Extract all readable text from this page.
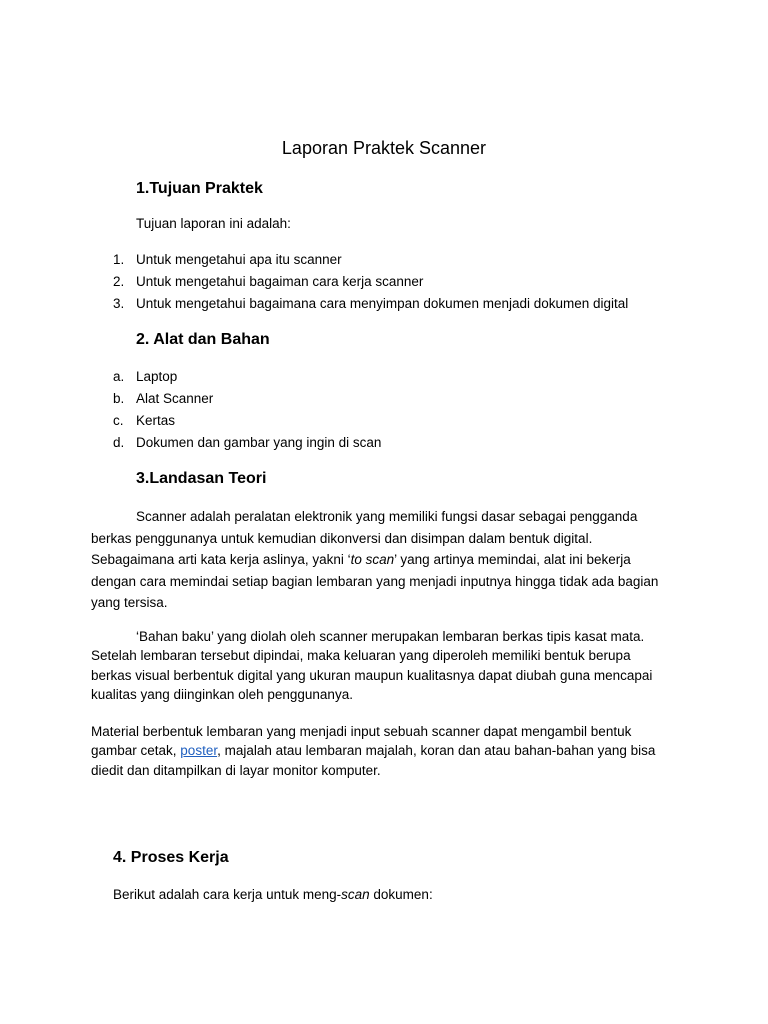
Laporan Praktek Scanner
1.Tujuan Praktek
Tujuan laporan ini adalah:
1. Untuk mengetahui apa itu scanner
2. Untuk mengetahui bagaiman cara kerja scanner
3. Untuk mengetahui bagaimana cara menyimpan dokumen menjadi dokumen digital
2. Alat dan Bahan
a. Laptop
b. Alat Scanner
c. Kertas
d. Dokumen dan gambar yang ingin di scan
3.Landasan Teori
Scanner adalah peralatan elektronik yang memiliki fungsi dasar sebagai pengganda
berkas penggunanya untuk kemudian dikonversi dan disimpan dalam bentuk digital.
Sebagaimana arti kata kerja aslinya, yakni ‘to scan’ yang artinya memindai, alat ini bekerja
dengan cara memindai setiap bagian lembaran yang menjadi inputnya hingga tidak ada bagian
yang tersisa.
‘Bahan baku’ yang diolah oleh scanner merupakan lembaran berkas tipis kasat mata.
Setelah lembaran tersebut dipindai, maka keluaran yang diperoleh memiliki bentuk berupa
berkas visual berbentuk digital yang ukuran maupun kualitasnya dapat diubah guna mencapai
kualitas yang diinginkan oleh penggunanya.
Material berbentuk lembaran yang menjadi input sebuah scanner dapat mengambil bentuk
gambar cetak, poster, majalah atau lembaran majalah, koran dan atau bahan-bahan yang bisa
diedit dan ditampilkan di layar monitor komputer.
4. Proses Kerja
Berikut adalah cara kerja untuk meng-scan dokumen:
